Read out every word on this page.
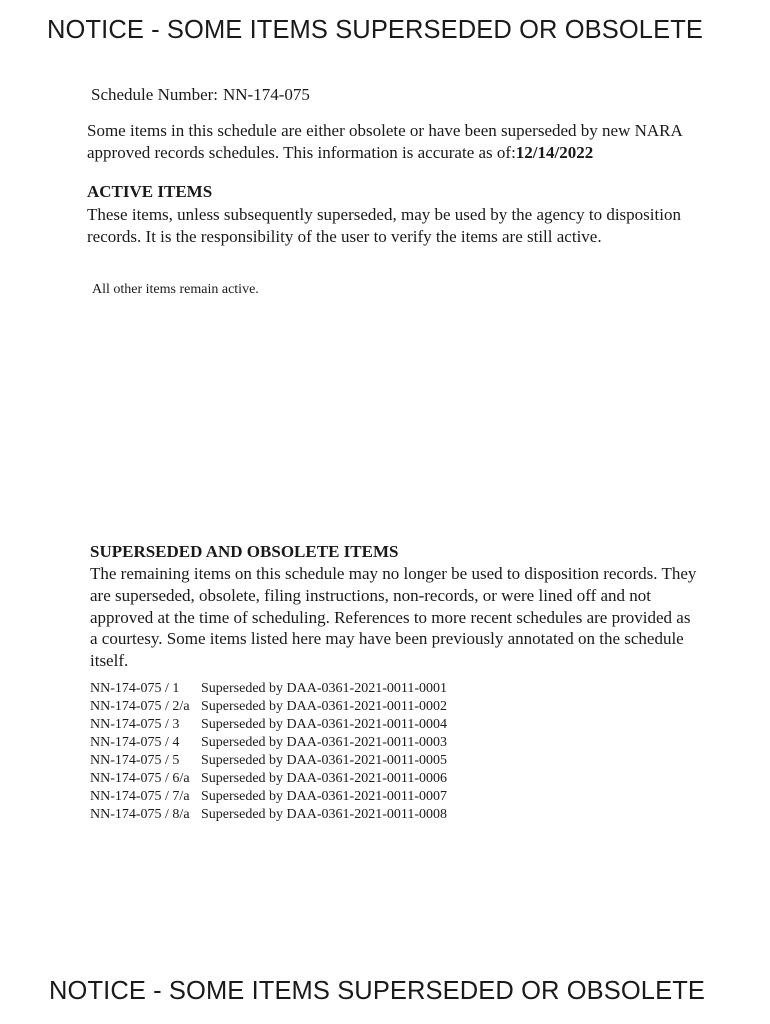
NOTICE - SOME ITEMS SUPERSEDED OR OBSOLETE
Schedule Number: NN-174-075
Some items in this schedule are either obsolete or have been superseded by new NARA approved records schedules. This information is accurate as of:12/14/2022
ACTIVE ITEMS
These items, unless subsequently superseded, may be used by the agency to disposition records. It is the responsibility of the user to verify the items are still active.
All other items remain active.
SUPERSEDED AND OBSOLETE ITEMS
The remaining items on this schedule may no longer be used to disposition records. They are superseded, obsolete, filing instructions, non-records, or were lined off and not approved at the time of scheduling. References to more recent schedules are provided as a courtesy. Some items listed here may have been previously annotated on the schedule itself.
NN-174-075 / 1 Superseded by DAA-0361-2021-0011-0001
NN-174-075 / 2/a Superseded by DAA-0361-2021-0011-0002
NN-174-075 / 3 Superseded by DAA-0361-2021-0011-0004
NN-174-075 / 4 Superseded by DAA-0361-2021-0011-0003
NN-174-075 / 5 Superseded by DAA-0361-2021-0011-0005
NN-174-075 / 6/a Superseded by DAA-0361-2021-0011-0006
NN-174-075 / 7/a Superseded by DAA-0361-2021-0011-0007
NN-174-075 / 8/a Superseded by DAA-0361-2021-0011-0008
NOTICE - SOME ITEMS SUPERSEDED OR OBSOLETE
